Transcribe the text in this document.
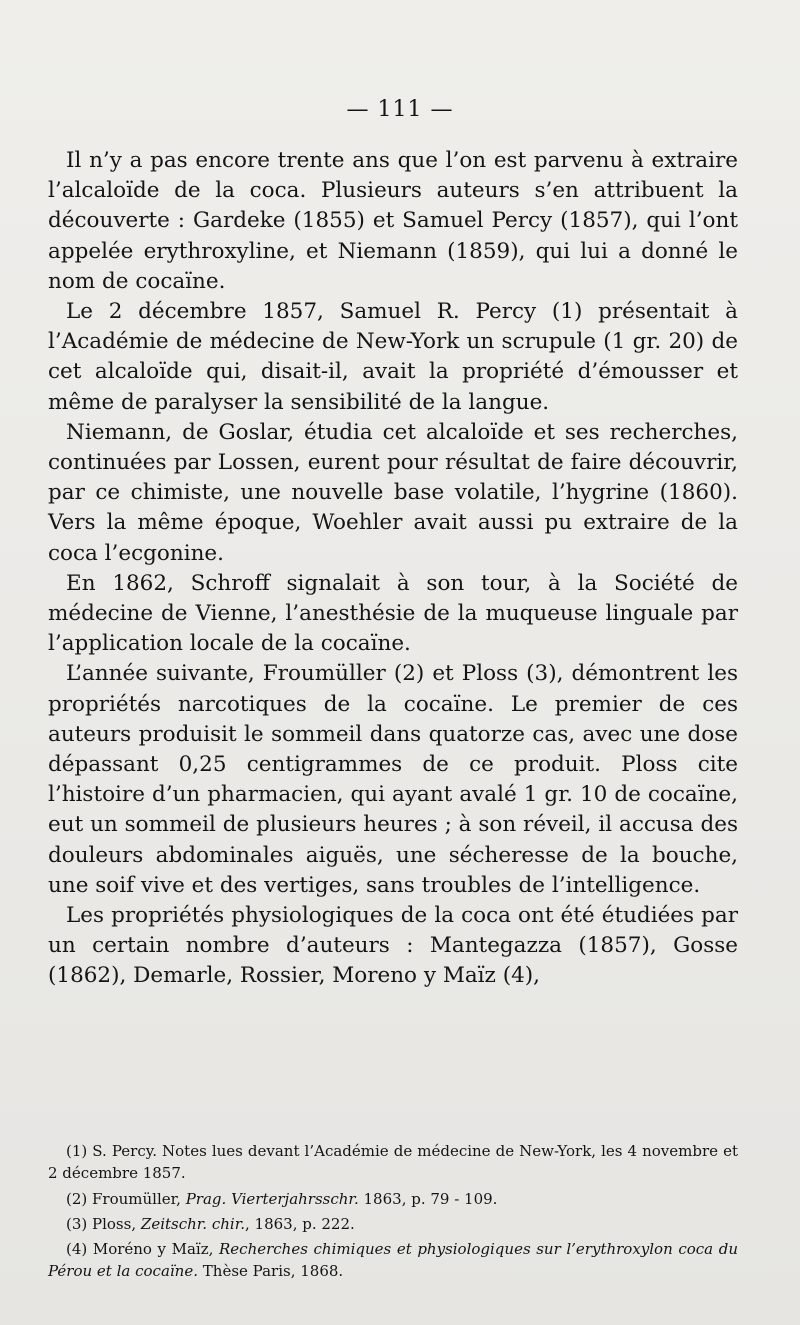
— 111 —

Il n’y a pas encore trente ans que l’on est parvenu à extraire l’alcaloïde de la coca. Plusieurs auteurs s’en attribuent la découverte : Gardeke (1855) et Samuel Percy (1857), qui l’ont appelée erythroxyline, et Niemann (1859), qui lui a donné le nom de cocaïne.

Le 2 décembre 1857, Samuel R. Percy (1) présentait à l’Académie de médecine de New-York un scrupule (1 gr. 20) de cet alcaloïde qui, disait-il, avait la propriété d’émousser et même de paralyser la sensibilité de la langue.

Niemann, de Goslar, étudia cet alcaloïde et ses recherches, continuées par Lossen, eurent pour résultat de faire découvrir, par ce chimiste, une nouvelle base volatile, l’hygrine (1860). Vers la même époque, Woehler avait aussi pu extraire de la coca l’ecgonine.

En 1862, Schroff signalait à son tour, à la Société de médecine de Vienne, l’anesthésie de la muqueuse linguale par l’application locale de la cocaïne.

L’année suivante, Froumüller (2) et Ploss (3), démontrent les propriétés narcotiques de la cocaïne. Le premier de ces auteurs produisit le sommeil dans quatorze cas, avec une dose dépassant 0,25 centigrammes de ce produit. Ploss cite l’histoire d’un pharmacien, qui ayant avalé 1 gr. 10 de cocaïne, eut un sommeil de plusieurs heures ; à son réveil, il accusa des douleurs abdominales aiguës, une sécheresse de la bouche, une soif vive et des vertiges, sans troubles de l’intelligence.

Les propriétés physiologiques de la coca ont été étudiées par un certain nombre d’auteurs : Mantegazza (1857), Gosse (1862), Demarle, Rossier, Moreno y Maïz (4),

(1) S. Percy. Notes lues devant l’Académie de médecine de New-York, les 4 novembre et 2 décembre 1857.

(2) Froumüller, Prag. Vierterjahrsschr. 1863, p. 79 - 109.

(3) Ploss, Zeitschr. chir., 1863, p. 222.

(4) Moréno y Maïz, Recherches chimiques et physiologiques sur l’erythroxylon coca du Pérou et la cocaïne. Thèse Paris, 1868.
